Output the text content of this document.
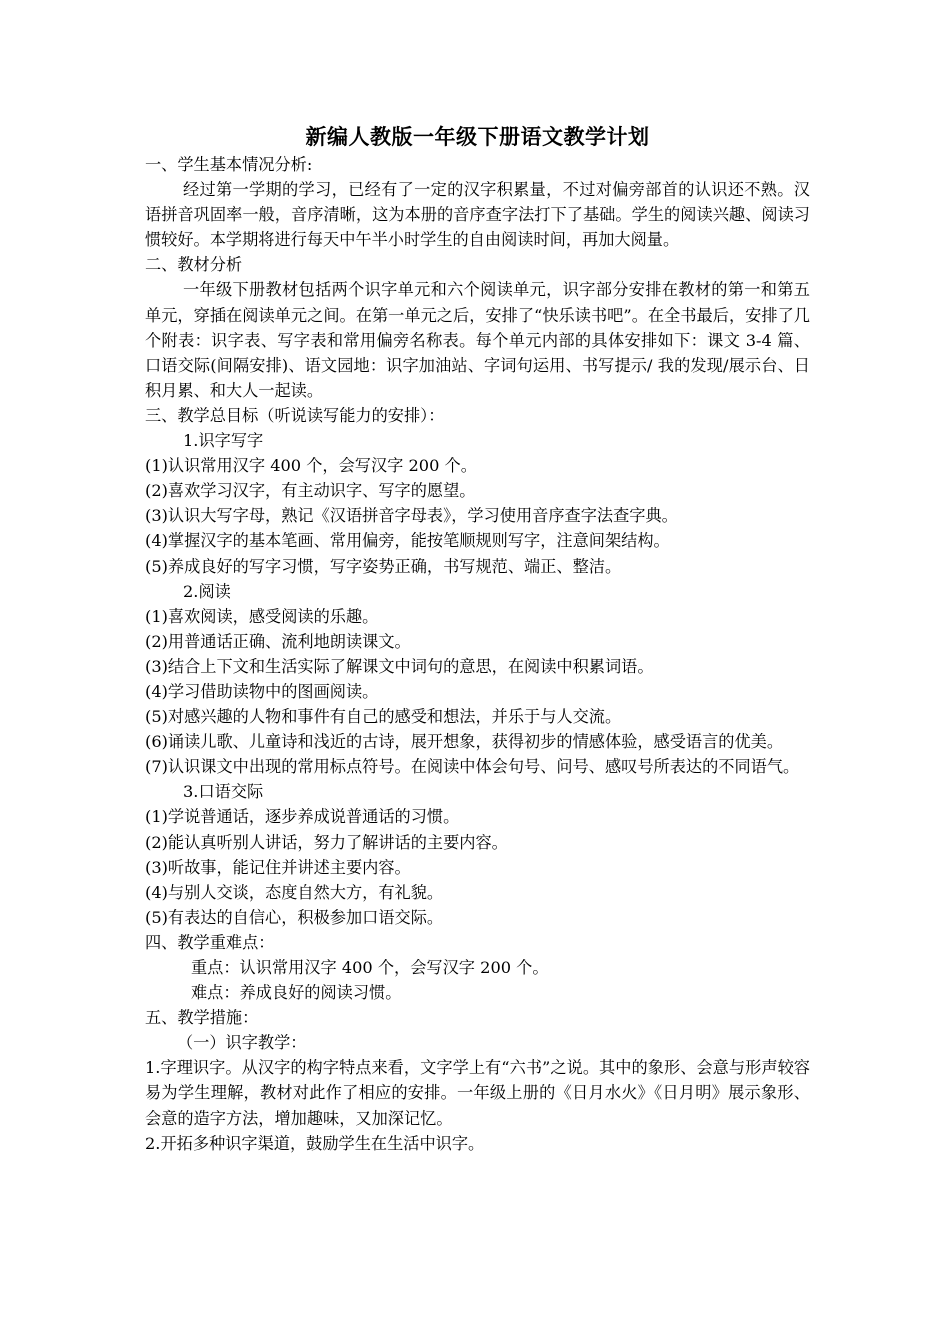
新编人教版一年级下册语文教学计划

一、学生基本情况分析:

经过第一学期的学习，已经有了一定的汉字积累量，不过对偏旁部首的认识还不熟。汉语拼音巩固率一般，音序清晰，这为本册的音序查字法打下了基础。学生的阅读兴趣、阅读习惯较好。本学期将进行每天中午半小时学生的自由阅读时间，再加大阅量。

二、教材分析

一年级下册教材包括两个识字单元和六个阅读单元，识字部分安排在教材的第一和第五单元，穿插在阅读单元之间。在第一单元之后，安排了“快乐读书吧”。在全书最后，安排了几个附表：识字表、写字表和常用偏旁名称表。每个单元内部的具体安排如下：课文 3-4 篇、口语交际(间隔安排)、语文园地：识字加油站、字词句运用、书写提示/ 我的发现/展示台、日积月累、和大人一起读。

三、教学总目标（听说读写能力的安排）：

1.识字写字

(1)认识常用汉字 400 个，会写汉字 200 个。

(2)喜欢学习汉字，有主动识字、写字的愿望。

(3)认识大写字母，熟记《汉语拼音字母表》，学习使用音序查字法查字典。

(4)掌握汉字的基本笔画、常用偏旁，能按笔顺规则写字，注意间架结构。

(5)养成良好的写字习惯，写字姿势正确，书写规范、端正、整洁。

2.阅读

(1)喜欢阅读，感受阅读的乐趣。

(2)用普通话正确、流利地朗读课文。

(3)结合上下文和生活实际了解课文中词句的意思，在阅读中积累词语。

(4)学习借助读物中的图画阅读。

(5)对感兴趣的人物和事件有自己的感受和想法，并乐于与人交流。

(6)诵读儿歌、儿童诗和浅近的古诗，展开想象，获得初步的情感体验，感受语言的优美。

(7)认识课文中出现的常用标点符号。在阅读中体会句号、问号、感叹号所表达的不同语气。

3.口语交际

(1)学说普通话，逐步养成说普通话的习惯。

(2)能认真听别人讲话，努力了解讲话的主要内容。

(3)听故事，能记住并讲述主要内容。

(4)与别人交谈，态度自然大方，有礼貌。

(5)有表达的自信心，积极参加口语交际。

四、教学重难点：

重点：认识常用汉字 400 个，会写汉字 200 个。

难点：养成良好的阅读习惯。

五、教学措施：

（一）识字教学：

1.字理识字。从汉字的构字特点来看，文字学上有“六书”之说。其中的象形、会意与形声较容易为学生理解，教材对此作了相应的安排。一年级上册的《日月水火》《日月明》展示象形、会意的造字方法，增加趣味，又加深记忆。

2.开拓多种识字渠道，鼓励学生在生活中识字。
